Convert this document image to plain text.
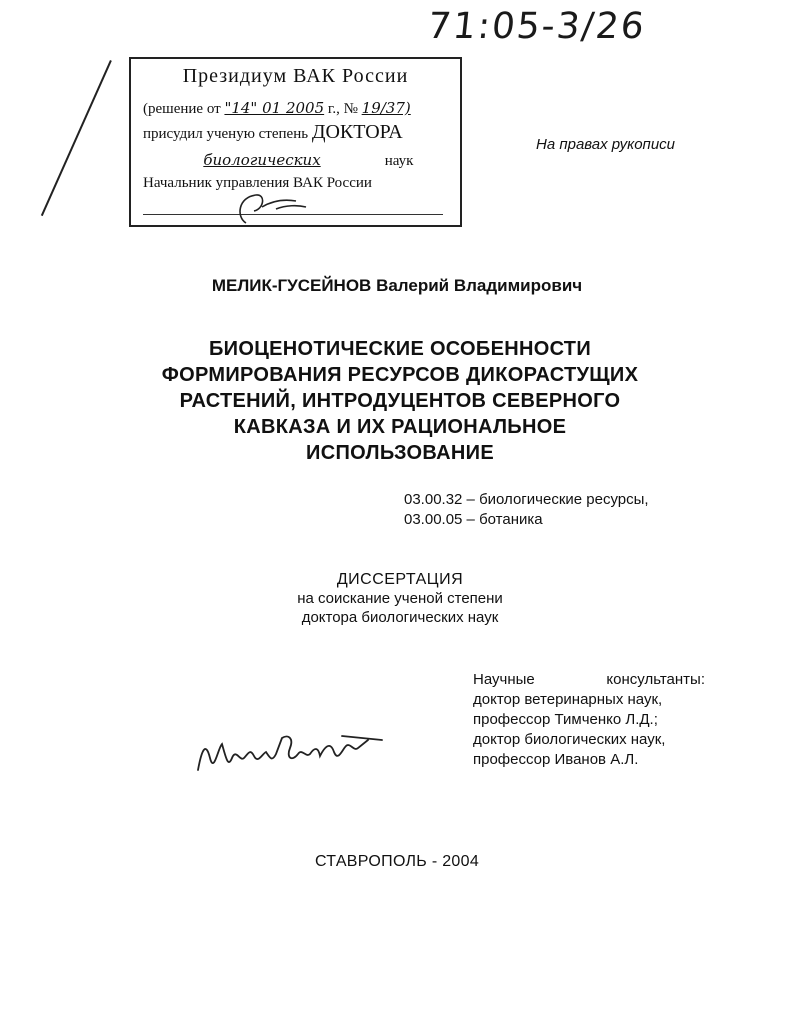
71:05-3/26
Президиум ВАК России
(решение от "14" 01 2005 г., № 19/37)
присудил ученую степень ДОКТОРА
биологических	наук
Начальник управления ВАК России
На правах рукописи
МЕЛИК-ГУСЕЙНОВ Валерий Владимирович
БИОЦЕНОТИЧЕСКИЕ ОСОБЕННОСТИ
ФОРМИРОВАНИЯ РЕСУРСОВ ДИКОРАСТУЩИХ
РАСТЕНИЙ, ИНТРОДУЦЕНТОВ СЕВЕРНОГО
КАВКАЗА И ИХ РАЦИОНАЛЬНОЕ
ИСПОЛЬЗОВАНИЕ
03.00.32 – биологические ресурсы,
03.00.05 – ботаника
ДИССЕРТАЦИЯ
на соискание ученой степени
доктора биологических наук
Научные	консультанты:
доктор ветеринарных наук,
профессор Тимченко Л.Д.;
доктор биологических наук,
профессор Иванов А.Л.
СТАВРОПОЛЬ - 2004
